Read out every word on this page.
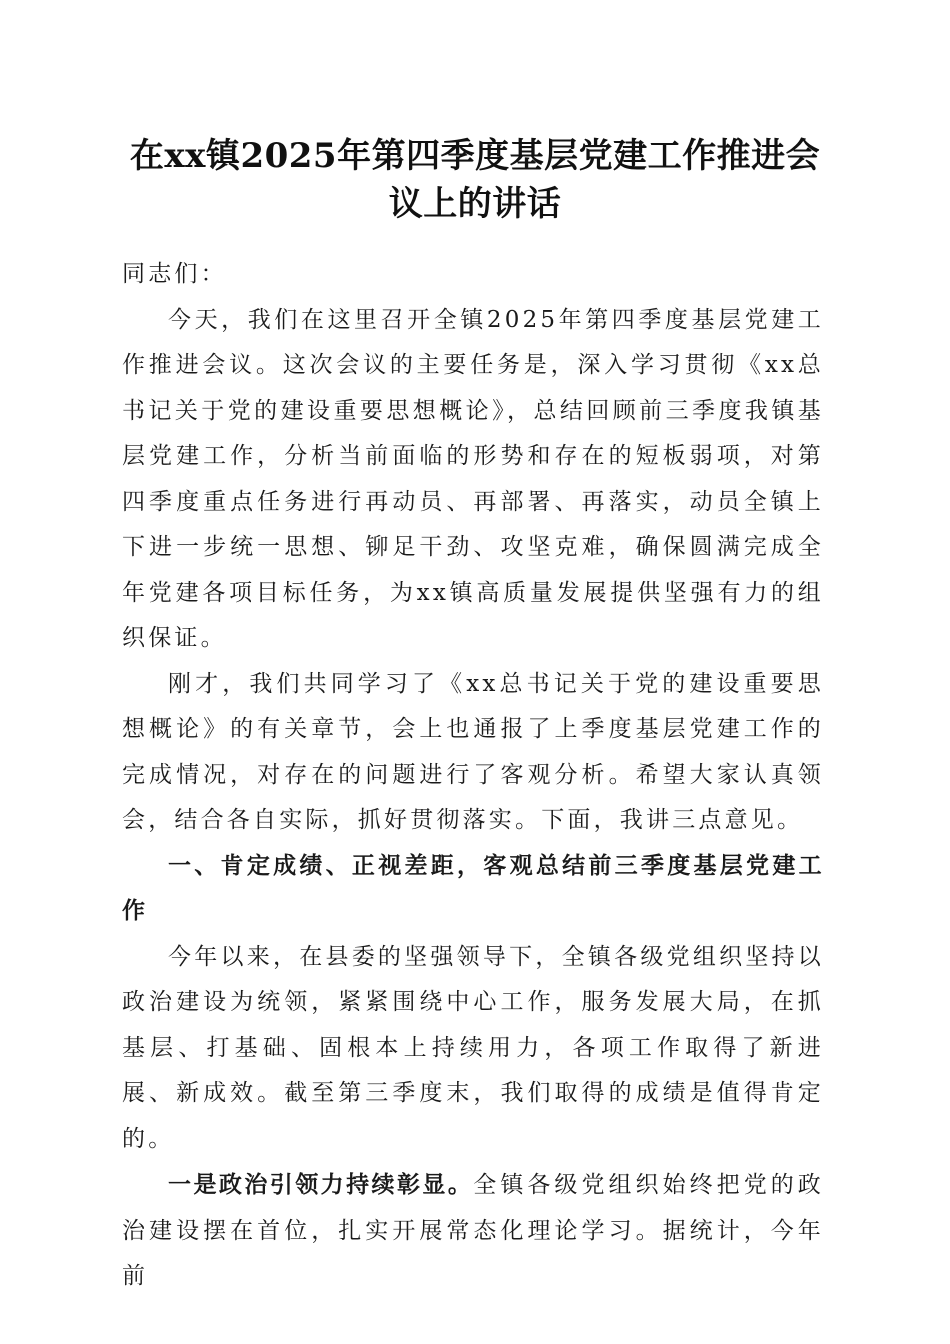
在xx镇2025年第四季度基层党建工作推进会
议上的讲话

同志们：

今天，我们在这里召开全镇2025年第四季度基层党建工作推进会议。这次会议的主要任务是，深入学习贯彻《xx总书记关于党的建设重要思想概论》，总结回顾前三季度我镇基层党建工作，分析当前面临的形势和存在的短板弱项，对第四季度重点任务进行再动员、再部署、再落实，动员全镇上下进一步统一思想、铆足干劲、攻坚克难，确保圆满完成全年党建各项目标任务，为xx镇高质量发展提供坚强有力的组织保证。

刚才，我们共同学习了《xx总书记关于党的建设重要思想概论》的有关章节，会上也通报了上季度基层党建工作的完成情况，对存在的问题进行了客观分析。希望大家认真领会，结合各自实际，抓好贯彻落实。下面，我讲三点意见。

一、肯定成绩、正视差距，客观总结前三季度基层党建工作

今年以来，在县委的坚强领导下，全镇各级党组织坚持以政治建设为统领，紧紧围绕中心工作，服务发展大局，在抓基层、打基础、固根本上持续用力，各项工作取得了新进展、新成效。截至第三季度末，我们取得的成绩是值得肯定的。

一是政治引领力持续彰显。全镇各级党组织始终把党的政治建设摆在首位，扎实开展常态化理论学习。据统计，今年前
